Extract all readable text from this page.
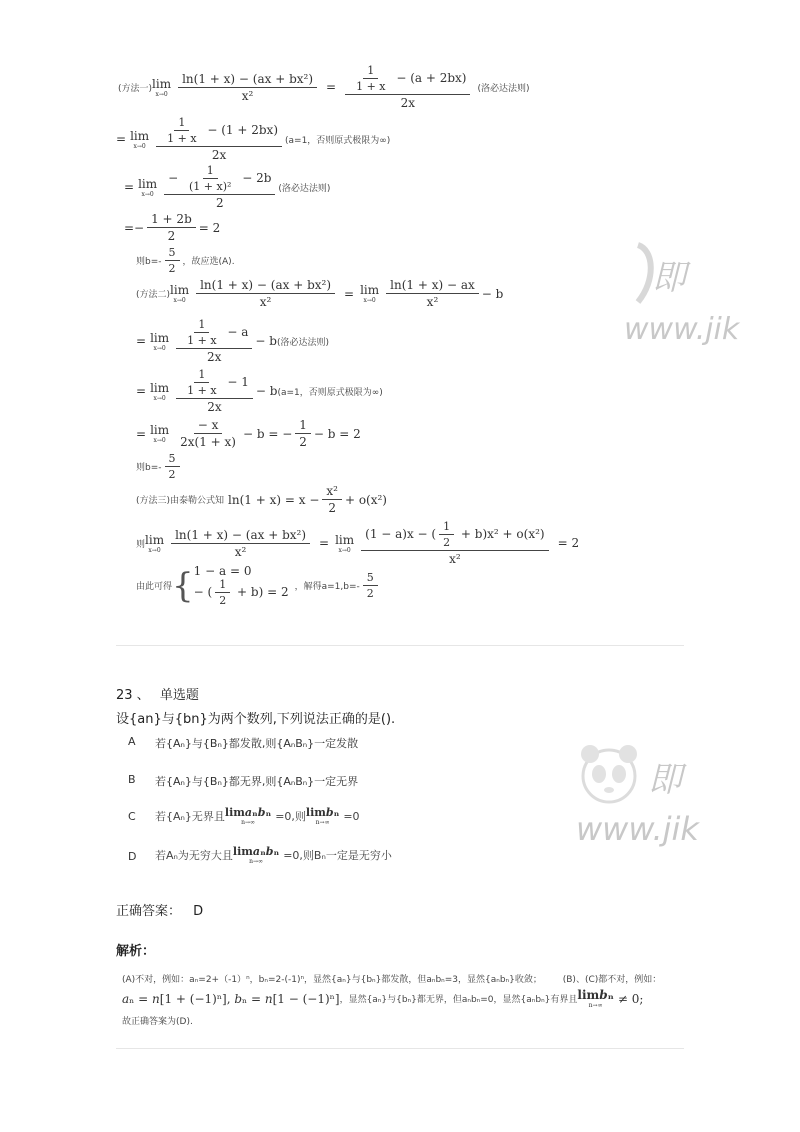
(方法一) lim
$x\to 0 \frac{\text{ln(1 + x) − (ax + bx²)}}{\text{x²}} = \frac{\frac{1}{1 + x} - (a + 2bx)}{2x}$ (洛必达法则)
= lim
$x\to 0 \frac{\frac{1}{1 + x} - (1 + 2bx)}{2x} (a=1$，否则原式极限为∞)
= lim
$x\to 0 \frac{- \frac{1}{\text{(1 + x)²}} - 2b}{2}$ (洛必达法则)
=− $\frac{1 + 2b}{2} = 2$
则$b=- \frac{5}{2}$ ，故应选(A).
(方法二) lim
$x\to 0 \frac{\text{ln(1 + x) − (ax + bx²)}}{\text{x²}} = \lim$
$x\to 0 \frac{\ln(1 + x) - ax}{\text{x²}} - b$
= lim
$x\to 0 \frac{\frac{1}{1 + x} - a}{2x} - b$ (洛必达法则)
= lim
$x\to 0 \frac{\frac{1}{1 + x} - 1}{2x} - b$ (a=1，否则原式极限为∞)
= lim
$x\to 0 \frac{- x}{2x(1 + x)} - b$ = − $\frac{1}{2} - b = 2$
则$b=- \frac{5}{2}$
(方法三)由泰勒公式知 $\ln(1 + x) = x - \frac{\text{x²}}{2} + o(x^2)$
则 lim
$x\to 0 \frac{\text{ln(1 + x) − (ax + bx²)}}{\text{x²}} = \lim$
$x\to 0 \frac{(1 - a)x - ( \frac{1}{2} + b)x^2 + o(x^2)}{\text{x²}} = 2$
由此可得 { 1 − a = 0
− ( $\frac{1}{2} + b) = 2$ ，解得$a=1,b=- \frac{5}{2}$
即
www.jik
23 、 单选题
设{an}与{bn}为两个数列,下列说法正确的是().
A 若{Aₙ}与{Bₙ}都发散,则{AₙBₙ}一定发散
B 若{Aₙ}与{Bₙ}都无界,则{AₙBₙ}一定无界
C 若{Aₙ}无界且 limaₙbₙ
n→∞ =0,则 limbₙ
n→∞ =0
D 若Aₙ为无穷大且 limaₙbₙ
n→∞ =0,则Bₙ一定是无穷小
即
www.jik
正确答案： D
解析：
(A)不对，例如：aₙ=2+（-1）ⁿ，bₙ=2-(-1)ⁿ，显然{aₙ}与{bₙ}都发散，但aₙbₙ=3，显然{aₙbₙ}收敛； (B)、(C)都不对，例如：
aₙ = n[1 + (−1)ⁿ], bₙ = n[1 − (−1)ⁿ] ，显然{aₙ}与{bₙ}都无界，但aₙbₙ=0，显然{aₙbₙ}有界且 limbₙ
n→∞ ≠ 0;
故正确答案为(D).
